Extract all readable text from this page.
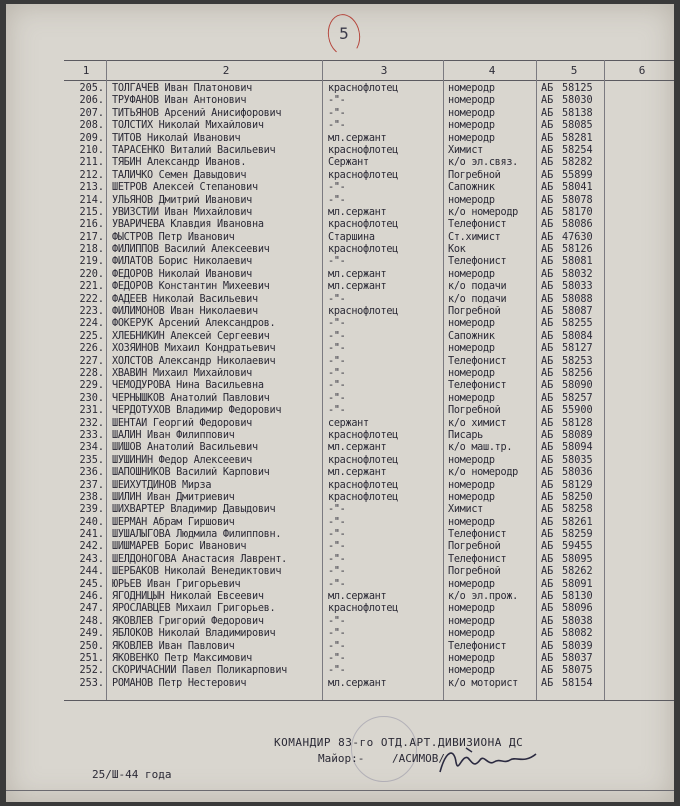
5
1	2	3	4	5	6
205. ТОЛГАЧЕВ Иван Платонович	краснофлотец	номеродр	АБ 58125
206. ТРУФАНОВ Иван Антонович	-"-	номеродр	АБ 58030
207. ТИТЬЯНОВ Арсений Анисифорович	-"-	номеродр	АБ 58138
208. ТОЛСТИХ Николай Михайлович	-"-	номеродр	АБ 58085
209. ТИТОВ Николай Иванович	мл.сержант	номеродр	АБ 58281
210. ТАРАСЕНКО Виталий Васильевич	краснофлотец	Химист	АБ 58254
211. ТЯБИН Александр Иванов.	Сержант	к/о эл.связ.	АБ 58282
212. ТАЛИЧКО Семен Давыдович	краснофлотец	Погребной	АБ 55899
213. ШЕТРОВ Алексей Степанович	-"-	Сапожник	АБ 58041
214. УЛЬЯНОВ Дмитрий Иванович	-"-	номеродр	АБ 58078
215. УВИЗСТИЙ Иван Михайлович	мл.сержант	к/о номеродр	АБ 58170
216. УВАРИЧЕВА Клавдия Ивановна	краснофлотец	Телефонист	АБ 58086
217. ФЫСТРОВ Петр Иванович	Старшина	Ст.химист	АБ 47630
218. ФИЛИППОВ Василий Алексеевич	краснофлотец	Кок	АБ 58126
219. ФИЛАТОВ Борис Николаевич	-"-	Телефонист	АБ 58081
220. ФЕДОРОВ Николай Иванович	мл.сержант	номеродр	АБ 58032
221. ФЕДОРОВ Константин Михеевич	мл.сержант	к/о подачи	АБ 58033
222. ФАДЕЕВ Николай Васильевич	-"-	к/о подачи	АБ 58088
223. ФИЛИМОНОВ Иван Николаевич	краснофлотец	Погребной	АБ 58087
224. ФОКЕРУК Арсений Александров.	-"-	номеродр	АБ 58255
225. ХЛЕБНИКИН Алексей Сергеевич	-"-	Сапожник	АБ 58084
226. ХОЗЯИНОВ Михаил Кондратьевич	-"-	номеродр	АБ 58127
227. ХОЛСТОВ Александр Николаевич	-"-	Телефонист	АБ 58253
228. ХВАВИН Михаил Михайлович	-"-	номеродр	АБ 58256
229. ЧЕМОДУРОВА Нина Васильевна	-"-	Телефонист	АБ 58090
230. ЧЕРНЫШКОВ Анатолий Павлович	-"-	номеродр	АБ 58257
231. ЧЕРДОТУХОВ Владимир Федорович	-"-	Погребной	АБ 55900
232. ШЕНТАЙ Георгий Федорович	сержант	к/о химист	АБ 58128
233. ШАЛИН Иван Филиппович	краснофлотец	Писарь	АБ 58089
234. ШИШОВ Анатолий Васильевич	мл.сержант	к/о маш.тр.	АБ 58094
235. ШУШИНИН Федор Алексеевич	краснофлотец	номеродр	АБ 58035
236. ШАПОШНИКОВ Василий Карпович	мл.сержант	к/о номеродр	АБ 58036
237. ШЕЙХУТДИНОВ Мирза	краснофлотец	номеродр	АБ 58129
238. ШИЛИН Иван Дмитриевич	краснофлотец	номеродр	АБ 58250
239. ШИХВАРТЕР Владимир Давыдович	-"-	Химист	АБ 58258
240. ШЕРМАН Абрам Гиршович	-"-	номеродр	АБ 58261
241. ШУШАЛЫГОВА Людмила Филипповн.	-"-	Телефонист	АБ 58259
242. ШИШМАРЕВ Борис Иванович	-"-	Погребной	АБ 59455
243. ШЕЛДОНОГОВА Анастасия Лаврент.	-"-	Телефонист	АБ 58095
244. ШЕРБАКОВ Николай Венедиктович	-"-	Погребной	АБ 58262
245. ЮРЬЕВ Иван Григорьевич	-"-	номеродр	АБ 58091
246. ЯГОДНИЦЫН Николай Евсеевич	мл.сержант	к/о эл.прож.	АБ 58130
247. ЯРОСЛАВЦЕВ Михаил Григорьев.	краснофлотец	номеродр	АБ 58096
248. ЯКОВЛЕВ Григорий Федорович	-"-	номеродр	АБ 58038
249. ЯБЛОКОВ Николай Владимирович	-"-	номеродр	АБ 58082
250. ЯКОВЛЕВ Иван Павлович	-"-	Телефонист	АБ 58039
251. ЯКОВЕНКО Петр Максимович	-"-	номеродр	АБ 58037
252. СКОРИЧАСНИЙ Павел Поликарпович	-"-	номеродр	АБ 58075
253. РОМАНОВ Петр Нестерович	мл.сержант	к/о моторист	АБ 58154
КОМАНДИР 83-го ОТД.АРТ.ДИВИЗИОНА ДС
Майор:-	/АСИМОВ/
25/Ш-44 года
